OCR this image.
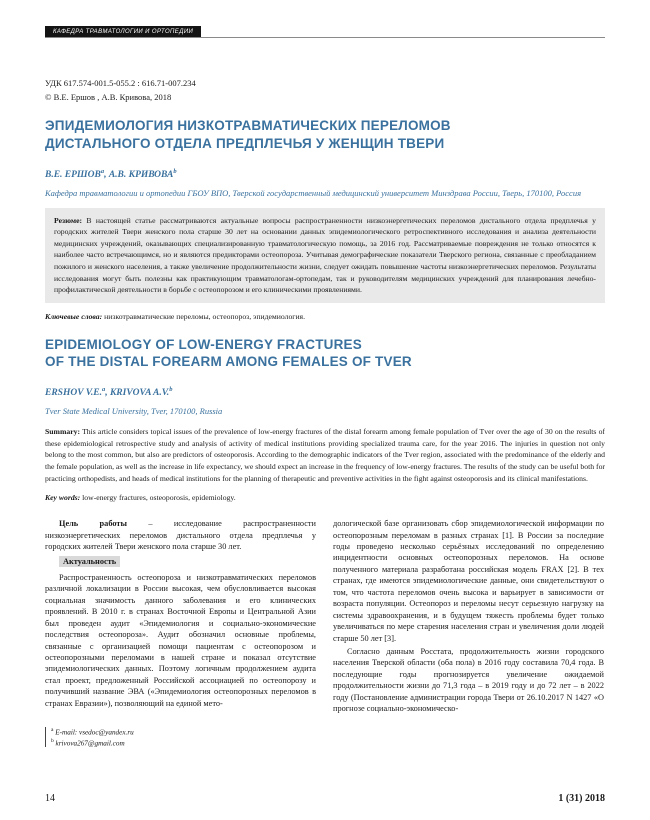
КАФЕДРА ТРАВМАТОЛОГИИ И ОРТОПЕДИИ
УДК 617.574-001.5-055.2 : 616.71-007.234
© В.Е. Ершов , А.В. Кривова, 2018
ЭПИДЕМИОЛОГИЯ НИЗКОТРАВМАТИЧЕСКИХ ПЕРЕЛОМОВ
ДИСТАЛЬНОГО ОТДЕЛА ПРЕДПЛЕЧЬЯ У ЖЕНЩИН ТВЕРИ
В.Е. ЕРШОВ$^a$, А.В. КРИВОВА$^b$
Кафедра травматологии и ортопедии ГБОУ ВПО, Тверской государственный медицинский университет Минздрава России, Тверь, 170100, Россия
Резюме: В настоящей статье рассматриваются актуальные вопросы распространенности низкоэнергетических переломов дистального отдела предплечья у городских жителей Твери женского пола старше 30 лет на основании данных эпидемиологического ретроспективного исследования и анализа деятельности медицинских учреждений, оказывающих специализированную травматологическую помощь, за 2016 год. Рассматриваемые повреждения не только относятся к наиболее часто встречающимся, но и являются предикторами остеопороза. Учитывая демографические показатели Тверского региона, связанные с преобладанием пожилого и женского населения, а также увеличение продолжительности жизни, следует ожидать повышение частоты низкоэнергетических переломов. Результаты исследования могут быть полезны как практикующим травматологам-ортопедам, так и руководителям медицинских учреждений для планирования лечебно-профилактической деятельности в борьбе с остеопорозом и его клиническими проявлениями.
Ключевые слова: низкотравматические переломы, остеопороз, эпидемиология.
EPIDEMIOLOGY OF LOW-ENERGY FRACTURES
OF THE DISTAL FOREARM AMONG FEMALES OF TVER
ERSHOV V.E.$^a$, KRIVOVA A.V.$^b$
Tver State Medical University, Tver, 170100, Russia
Summary: This article considers topical issues of the prevalence of low-energy fractures of the distal forearm among female population of Tver over the age of 30 on the results of these epidemiological retrospective study and analysis of activity of medical institutions providing specialized trauma care, for the year 2016. The injuries in question not only belong to the most common, but also are predictors of osteoporosis. According to the demographic indicators of the Tver region, associated with the predominance of the elderly and the female population, as well as the increase in life expectancy, we should expect an increase in the frequency of low-energy fractures. The results of the study can be useful both for practicing orthopedists, and heads of medical institutions for the planning of therapeutic and preventive activities in the fight against osteoporosis and its clinical manifestations.
Key words: low-energy fractures, osteoporosis, epidemiology.

Цель работы – исследование распространенности низкоэнергетических переломов дистального отдела предплечья у городских жителей Твери женского пола старше 30 лет.

Актуальность

Распространенность остеопороза и низкотравматических переломов различной локализации в России высокая, чем обусловливается высокая социальная значимость данного заболевания и его клинических проявлений. В 2010 г. в странах Восточной Европы и Центральной Азии был проведен аудит «Эпидемиология и социально-экономические последствия остеопороза». Аудит обозначил основные проблемы, связанные с организацией помощи пациентам с остеопорозом и остеопорозными переломами в нашей стране и показал отсутствие эпидемиологических данных. Поэтому логичным продолжением аудита стал проект, предложенный Российской ассоциацией по остеопорозу и получивший название ЭВА («Эпидемиология остеопорозных переломов в странах Евразии»), позволяющий на единой мето-

дологической базе организовать сбор эпидемиологической информации по остеопорозным переломам в разных странах [1]. В России за последние годы проведено несколько серьёзных исследований по определению инцидентности основных остеопорозных переломов. На основе полученного материала разработана российская модель FRAX [2]. В тех странах, где имеются эпидемиологические данные, они свидетельствуют о том, что частота переломов очень высока и варьирует в зависимости от возраста популяции. Остеопороз и переломы несут серьезную нагрузку на системы здравоохранения, и в будущем тяжесть проблемы будет только увеличиваться по мере старения населения стран и увеличения доли людей старше 50 лет [3].

Согласно данным Росстата, продолжительность жизни городского населения Тверской области (оба пола) в 2016 году составила 70,4 года. В последующие годы прогнозируется увеличение ожидаемой продолжительности жизни до 71,3 года – в 2019 году и до 72 лет – в 2022 году (Постановление администрации города Твери от 26.10.2017 N 1427 «О прогнозе социально-экономическо-

$^a$ E-mail: vsedoc@yandex.ru
$^b$ krivova267@gmail.com
14	1 (31) 2018
